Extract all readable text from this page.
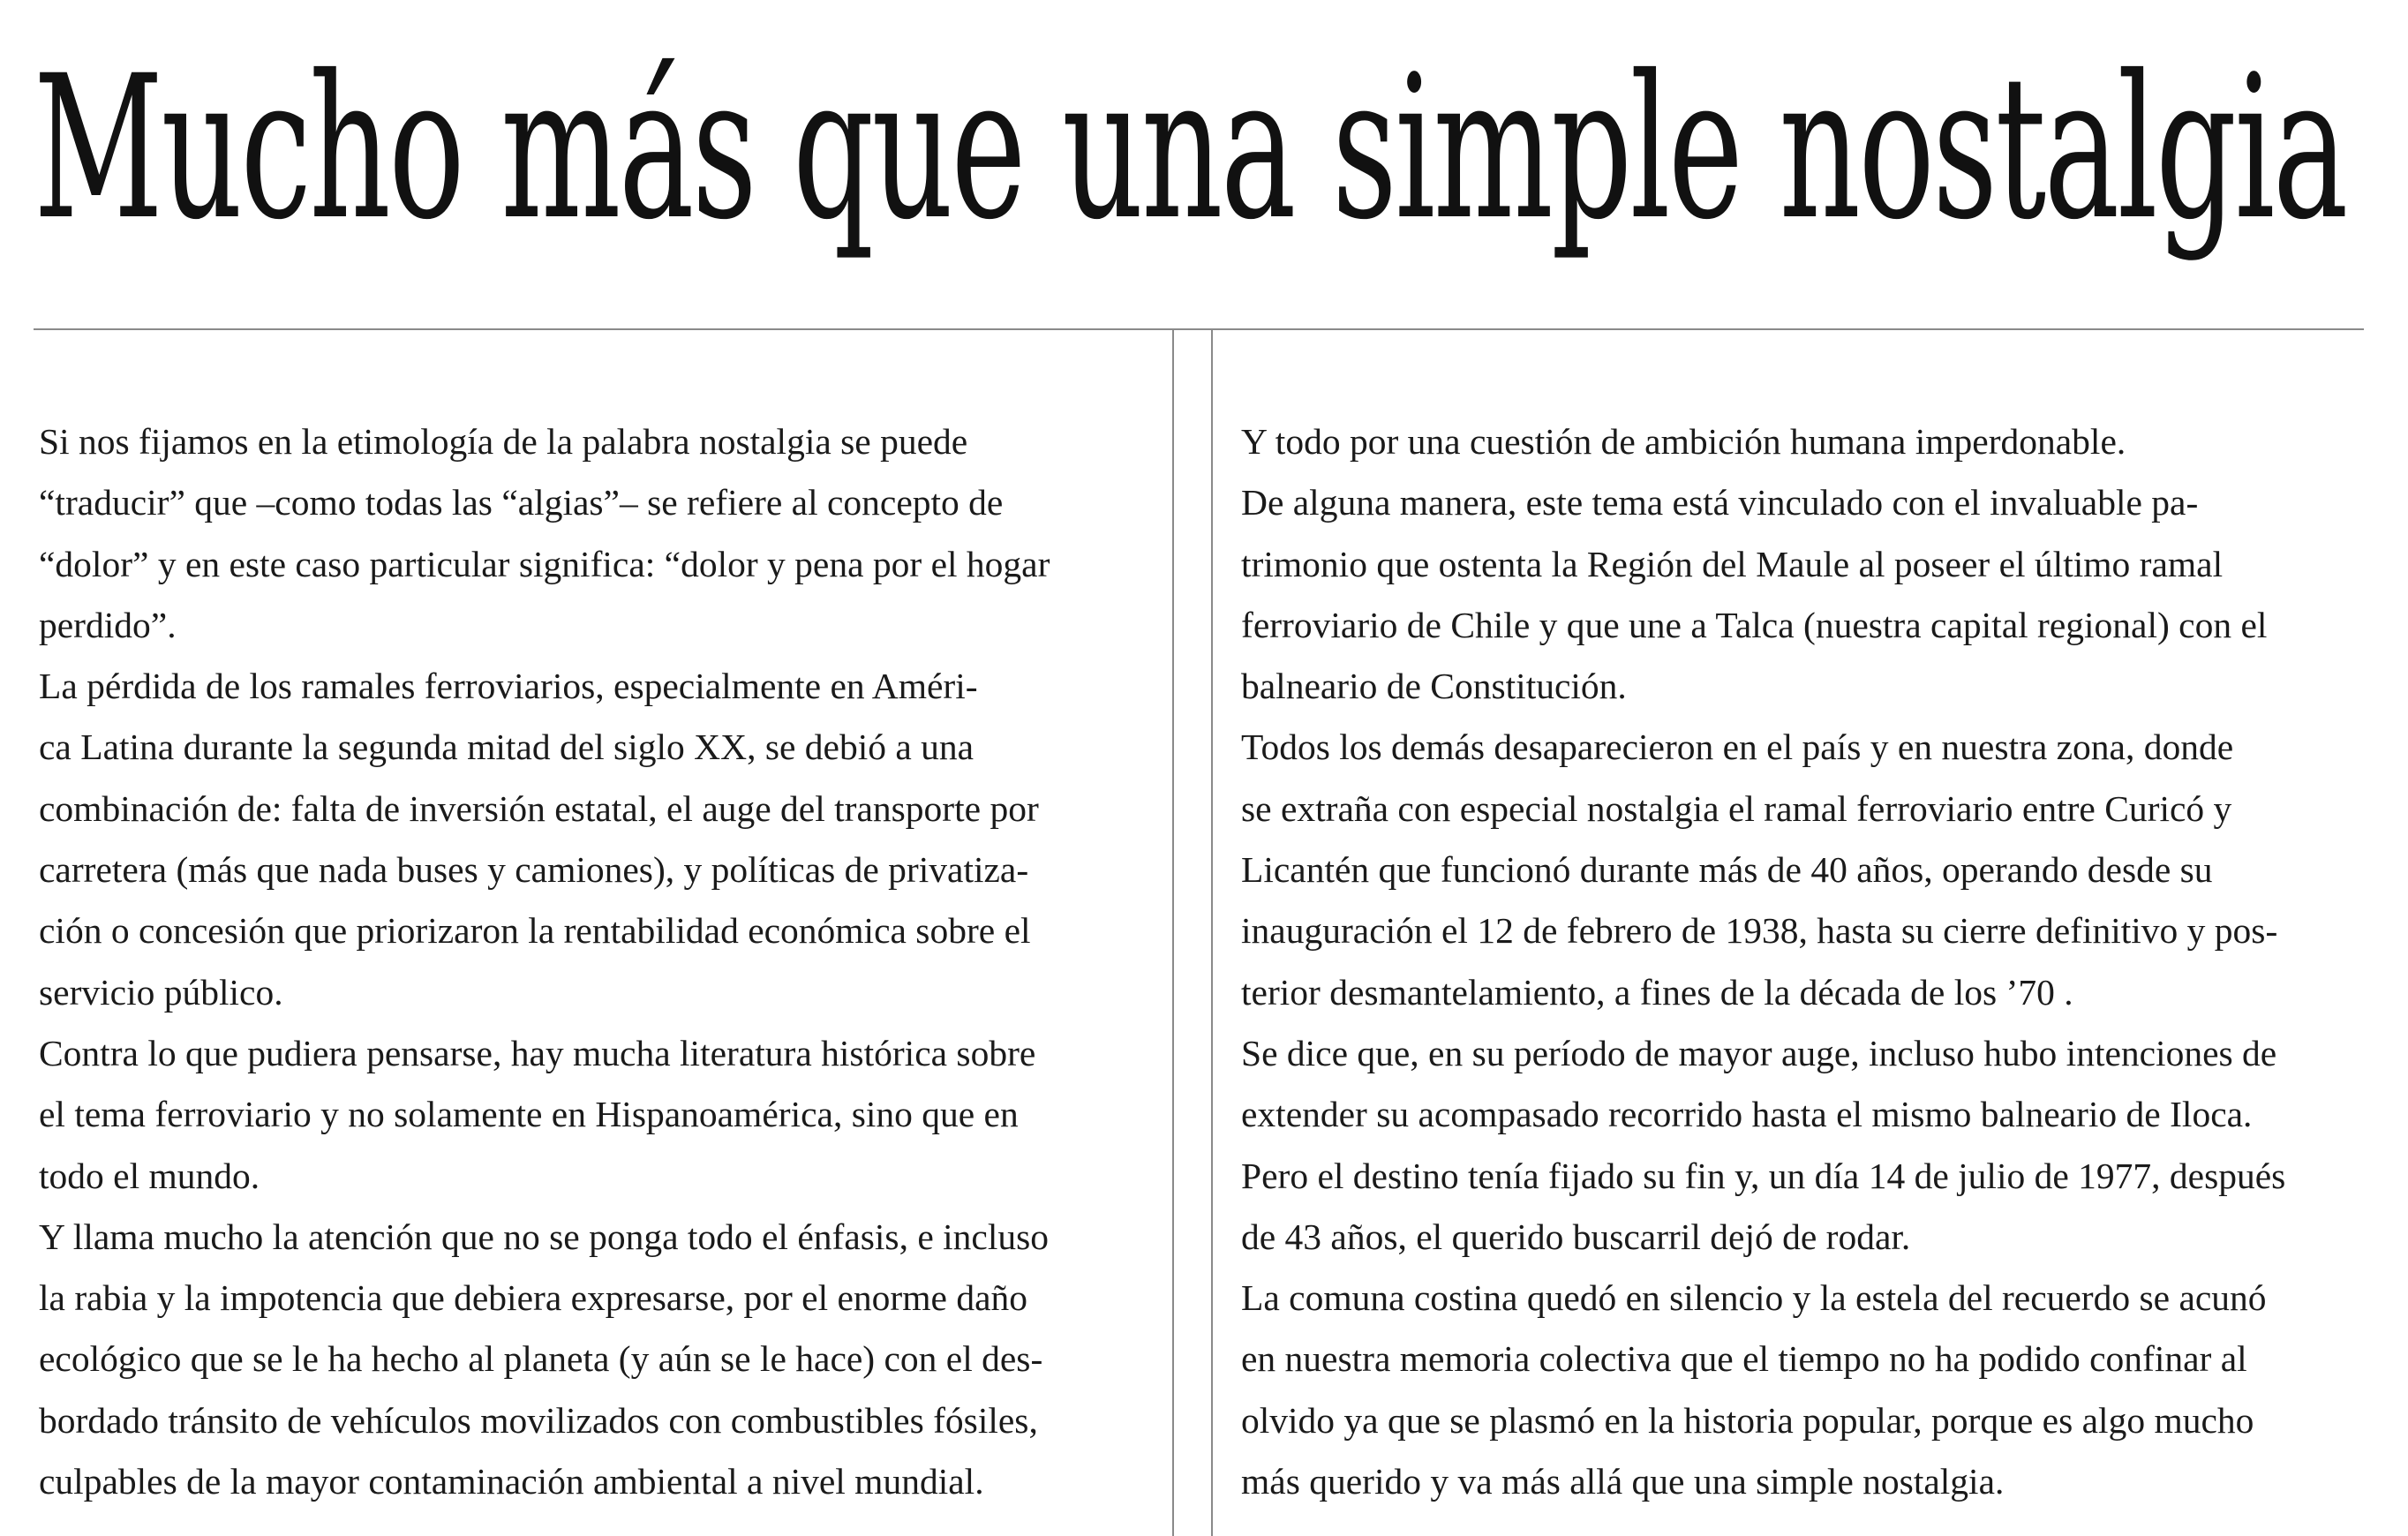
Mucho más que una simple nostalgia

Si nos fijamos en la etimología de la palabra nostalgia se puede
“traducir” que –como todas las “algias”– se refiere al concepto de
“dolor” y en este caso particular significa: “dolor y pena por el hogar
perdido”.

La pérdida de los ramales ferroviarios, especialmente en Améri-
ca Latina durante la segunda mitad del siglo XX, se debió a una
combinación de: falta de inversión estatal, el auge del transporte por
carretera (más que nada buses y camiones), y políticas de privatiza-
ción o concesión que priorizaron la rentabilidad económica sobre el
servicio público.

Contra lo que pudiera pensarse, hay mucha literatura histórica sobre
el tema ferroviario y no solamente en Hispanoamérica, sino que en
todo el mundo.

Y llama mucho la atención que no se ponga todo el énfasis, e incluso
la rabia y la impotencia que debiera expresarse, por el enorme daño
ecológico que se le ha hecho al planeta (y aún se le hace) con el des-
bordado tránsito de vehículos movilizados con combustibles fósiles,
culpables de la mayor contaminación ambiental a nivel mundial.

Y todo por una cuestión de ambición humana imperdonable.

De alguna manera, este tema está vinculado con el invaluable pa-
trimonio que ostenta la Región del Maule al poseer el último ramal
ferroviario de Chile y que une a Talca (nuestra capital regional) con el
balneario de Constitución.

Todos los demás desaparecieron en el país y en nuestra zona, donde
se extraña con especial nostalgia el ramal ferroviario entre Curicó y
Licantén que funcionó durante más de 40 años, operando desde su
inauguración el 12 de febrero de 1938, hasta su cierre definitivo y pos-
terior desmantelamiento, a fines de la década de los ’70 .

Se dice que, en su período de mayor auge, incluso hubo intenciones de
extender su acompasado recorrido hasta el mismo balneario de Iloca.

Pero el destino tenía fijado su fin y, un día 14 de julio de 1977, después
de 43 años, el querido buscarril dejó de rodar.

La comuna costina quedó en silencio y la estela del recuerdo se acunó
en nuestra memoria colectiva que el tiempo no ha podido confinar al
olvido ya que se plasmó en la historia popular, porque es algo mucho
más querido y va más allá que una simple nostalgia.
